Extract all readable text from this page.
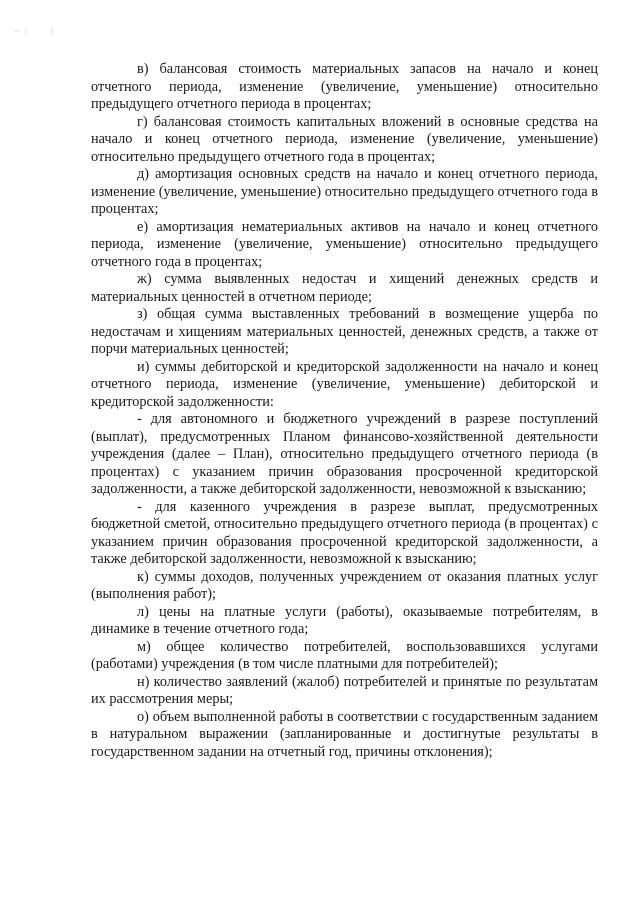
в) балансовая стоимость материальных запасов на начало и конец отчетного периода, изменение (увеличение, уменьшение) относительно предыдущего отчетного периода в процентах;

г) балансовая стоимость капитальных вложений в основные средства на начало и конец отчетного периода, изменение (увеличение, уменьшение) относительно предыдущего отчетного года в процентах;

д) амортизация основных средств на начало и конец отчетного периода, изменение (увеличение, уменьшение) относительно предыдущего отчетного года в процентах;

е) амортизация нематериальных активов на начало и конец отчетного периода, изменение (увеличение, уменьшение) относительно предыдущего отчетного года в процентах;

ж) сумма выявленных недостач и хищений денежных средств и материальных ценностей в отчетном периоде;

з) общая сумма выставленных требований в возмещение ущерба по недостачам и хищениям материальных ценностей, денежных средств, а также от порчи материальных ценностей;

и) суммы дебиторской и кредиторской задолженности на начало и конец отчетного периода, изменение (увеличение, уменьшение) дебиторской и кредиторской задолженности:

- для автономного и бюджетного учреждений в разрезе поступлений (выплат), предусмотренных Планом финансово-хозяйственной деятельности учреждения (далее – План), относительно предыдущего отчетного периода (в процентах) с указанием причин образования просроченной кредиторской задолженности, а также дебиторской задолженности, невозможной к взысканию;

- для казенного учреждения в разрезе выплат, предусмотренных бюджетной сметой, относительно предыдущего отчетного периода (в процентах) с указанием причин образования просроченной кредиторской задолженности, а также дебиторской задолженности, невозможной к взысканию;

к) суммы доходов, полученных учреждением от оказания платных услуг (выполнения работ);

л) цены на платные услуги (работы), оказываемые потребителям, в динамике в течение отчетного года;

м) общее количество потребителей, воспользовавшихся услугами (работами) учреждения (в том числе платными для потребителей);

н) количество заявлений (жалоб) потребителей и принятые по результатам их рассмотрения меры;

о) объем выполненной работы в соответствии с государственным заданием в натуральном выражении (запланированные и достигнутые результаты в государственном задании на отчетный год, причины отклонения);
